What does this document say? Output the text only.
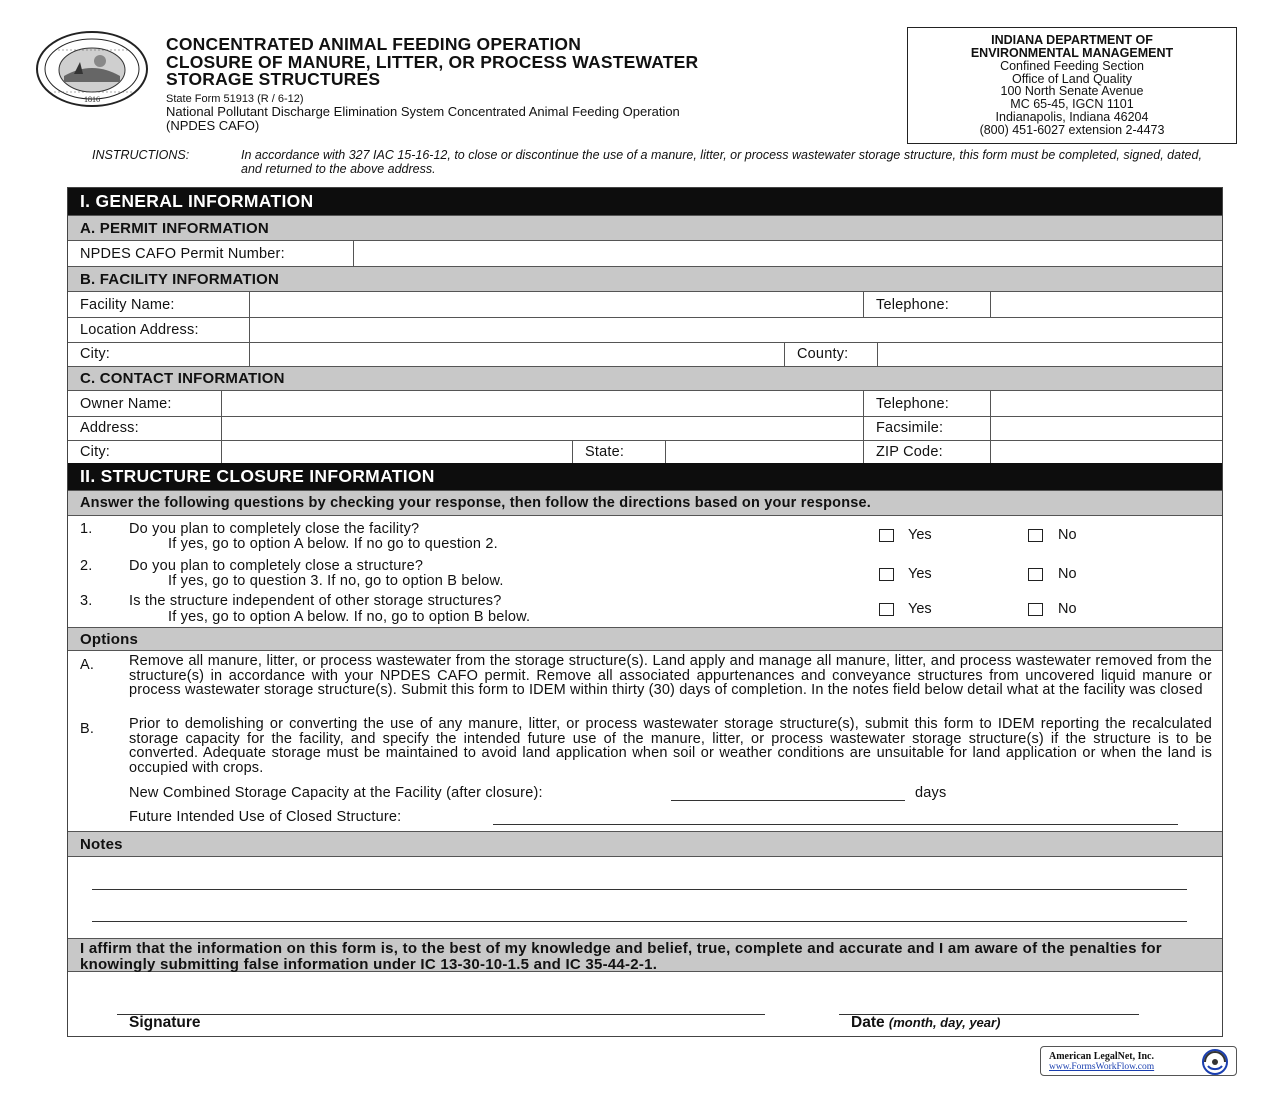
1816
CONCENTRATED ANIMAL FEEDING OPERATION
CLOSURE OF MANURE, LITTER, OR PROCESS WASTEWATER
STORAGE STRUCTURES
State Form 51913 (R / 6-12)
National Pollutant Discharge Elimination System Concentrated Animal Feeding Operation
(NPDES CAFO)
INDIANA DEPARTMENT OF
ENVIRONMENTAL MANAGEMENT
Confined Feeding Section
Office of Land Quality
100 North Senate Avenue
MC 65-45, IGCN 1101
Indianapolis, Indiana 46204
(800) 451-6027 extension 2-4473
INSTRUCTIONS:	In accordance with 327 IAC 15-16-12, to close or discontinue the use of a manure, litter, or process wastewater storage structure, this form must be completed, signed, dated, and returned to the above address.
I. GENERAL INFORMATION
A. PERMIT INFORMATION
NPDES CAFO Permit Number:
B. FACILITY INFORMATION
Facility Name:	Telephone:
Location Address:
City:	County:
C. CONTACT INFORMATION
Owner Name:	Telephone:
Address:	Facsimile:
City:	State:	ZIP Code:
II. STRUCTURE CLOSURE INFORMATION
Answer the following questions by checking your response, then follow the directions based on your response.
1.	Do you plan to completely close the facility?
If yes, go to option A below. If no go to question 2.
Yes	No
2.	Do you plan to completely close a structure?
If yes, go to question 3. If no, go to option B below.	Yes	No
3.	Is the structure independent of other storage structures?
If yes, go to option A below. If no, go to option B below.	Yes	No
Options
A. Remove all manure, litter, or process wastewater from the storage structure(s). Land apply and manage all manure, litter, and process wastewater removed from the structure(s) in accordance with your NPDES CAFO permit. Remove all associated appurtenances and conveyance structures from uncovered liquid manure or process wastewater storage structure(s). Submit this form to IDEM within thirty (30) days of completion. In the notes field below detail what at the facility was closed
B. Prior to demolishing or converting the use of any manure, litter, or process wastewater storage structure(s), submit this form to IDEM reporting the recalculated storage capacity for the facility, and specify the intended future use of the manure, litter, or process wastewater storage structure(s) if the structure is to be converted. Adequate storage must be maintained to avoid land application when soil or weather conditions are unsuitable for land application or when the land is occupied with crops.
New Combined Storage Capacity at the Facility (after closure):	days
Future Intended Use of Closed Structure:
Notes
I affirm that the information on this form is, to the best of my knowledge and belief, true, complete and accurate and I am aware of the penalties for knowingly submitting false information under IC 13-30-10-1.5 and IC 35-44-2-1.
Signature	Date (month, day, year)
American LegalNet, Inc.
www.FormsWorkFlow.com
